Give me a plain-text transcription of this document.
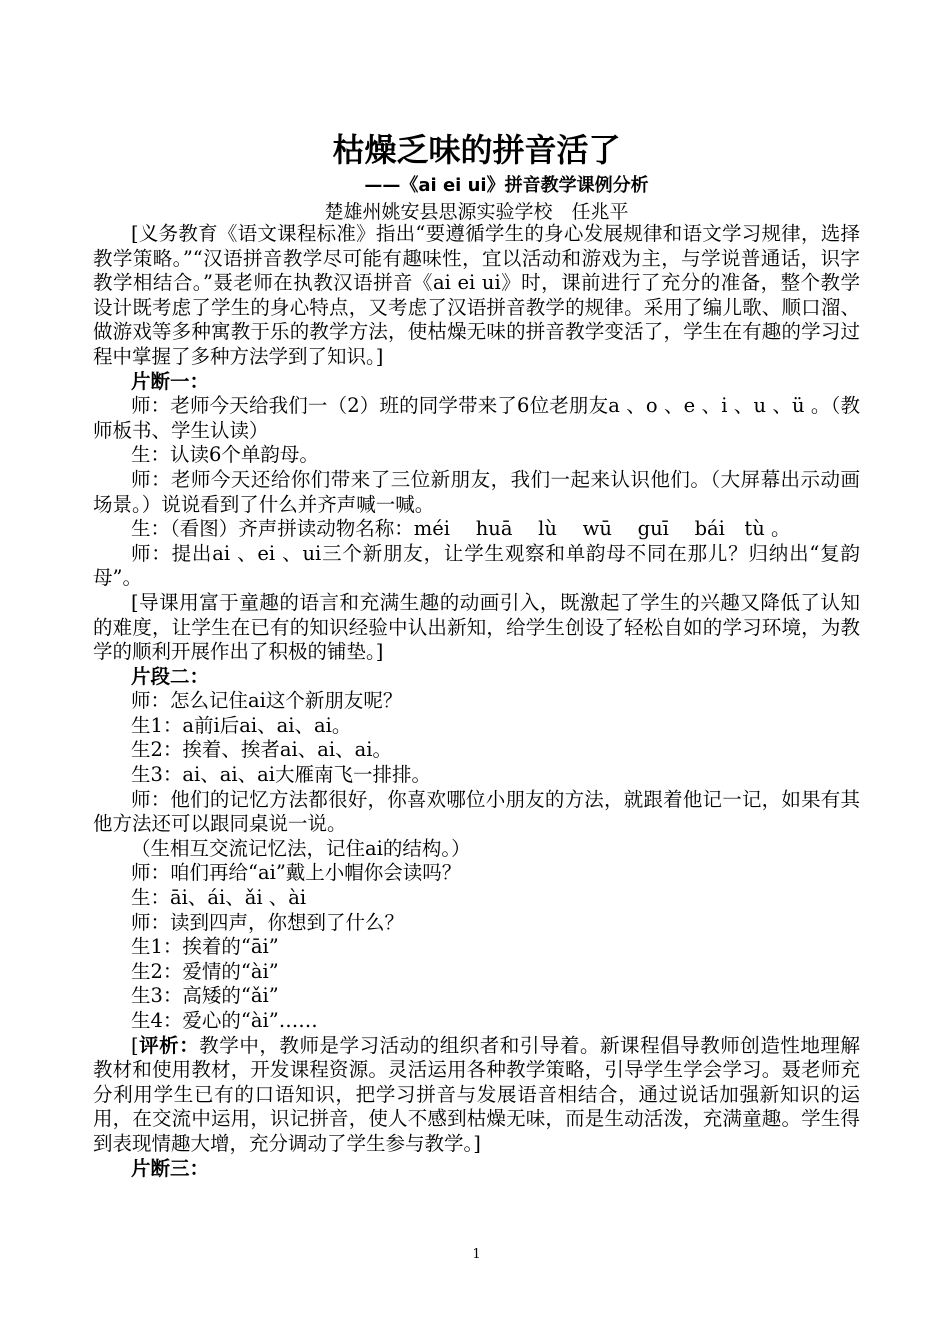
枯燥乏味的拼音活了
——《ai ei ui》拼音教学课例分析
楚雄州姚安县思源实验学校　任兆平

[义务教育《语文课程标准》指出“要遵循学生的身心发展规律和语文学习规律，选择教学策略。”“汉语拼音教学尽可能有趣味性，宜以活动和游戏为主，与学说普通话，识字教学相结合。”聂老师在执教汉语拼音《ai ei ui》时，课前进行了充分的准备，整个教学设计既考虑了学生的身心特点，又考虑了汉语拼音教学的规律。采用了编儿歌、顺口溜、做游戏等多种寓教于乐的教学方法，使枯燥无味的拼音教学变活了，学生在有趣的学习过程中掌握了多种方法学到了知识。]

片断一：

师：老师今天给我们一（2）班的同学带来了6位老朋友a 、o 、e 、i 、u 、ü 。（教师板书、学生认读）

生：认读6个单韵母。

师：老师今天还给你们带来了三位新朋友，我们一起来认识他们。（大屏幕出示动画场景。）说说看到了什么并齐声喊一喊。

生：（看图）齐声拼读动物名称：méi　 huā　 lù　 wū　 guī　 bái　tù 。

师：提出ai 、ei 、ui三个新朋友，让学生观察和单韵母不同在那儿？归纳出“复韵母”。

[导课用富于童趣的语言和充满生趣的动画引入，既激起了学生的兴趣又降低了认知的难度，让学生在已有的知识经验中认出新知，给学生创设了轻松自如的学习环境，为教学的顺利开展作出了积极的铺垫。]

片段二：

师：怎么记住ai这个新朋友呢？

生1：a前i后ai、ai、ai。

生2：挨着、挨者ai、ai、ai。

生3：ai、ai、ai大雁南飞一排排。

师：他们的记忆方法都很好，你喜欢哪位小朋友的方法，就跟着他记一记，如果有其他方法还可以跟同桌说一说。

（生相互交流记忆法，记住ai的结构。）

师：咱们再给“ai”戴上小帽你会读吗？

生：āi、ái、ǎi 、ài

师：读到四声，你想到了什么？

生1：挨着的“āi”

生2：爱情的“ài”

生3：高矮的“ǎi”

生4：爱心的“ài”……

[评析：教学中，教师是学习活动的组织者和引导着。新课程倡导教师创造性地理解教材和使用教材，开发课程资源。灵活运用各种教学策略，引导学生学会学习。聂老师充分利用学生已有的口语知识，把学习拼音与发展语音相结合，通过说话加强新知识的运用，在交流中运用，识记拼音，使人不感到枯燥无味，而是生动活泼，充满童趣。学生得到表现情趣大增，充分调动了学生参与教学。]

片断三：

1
